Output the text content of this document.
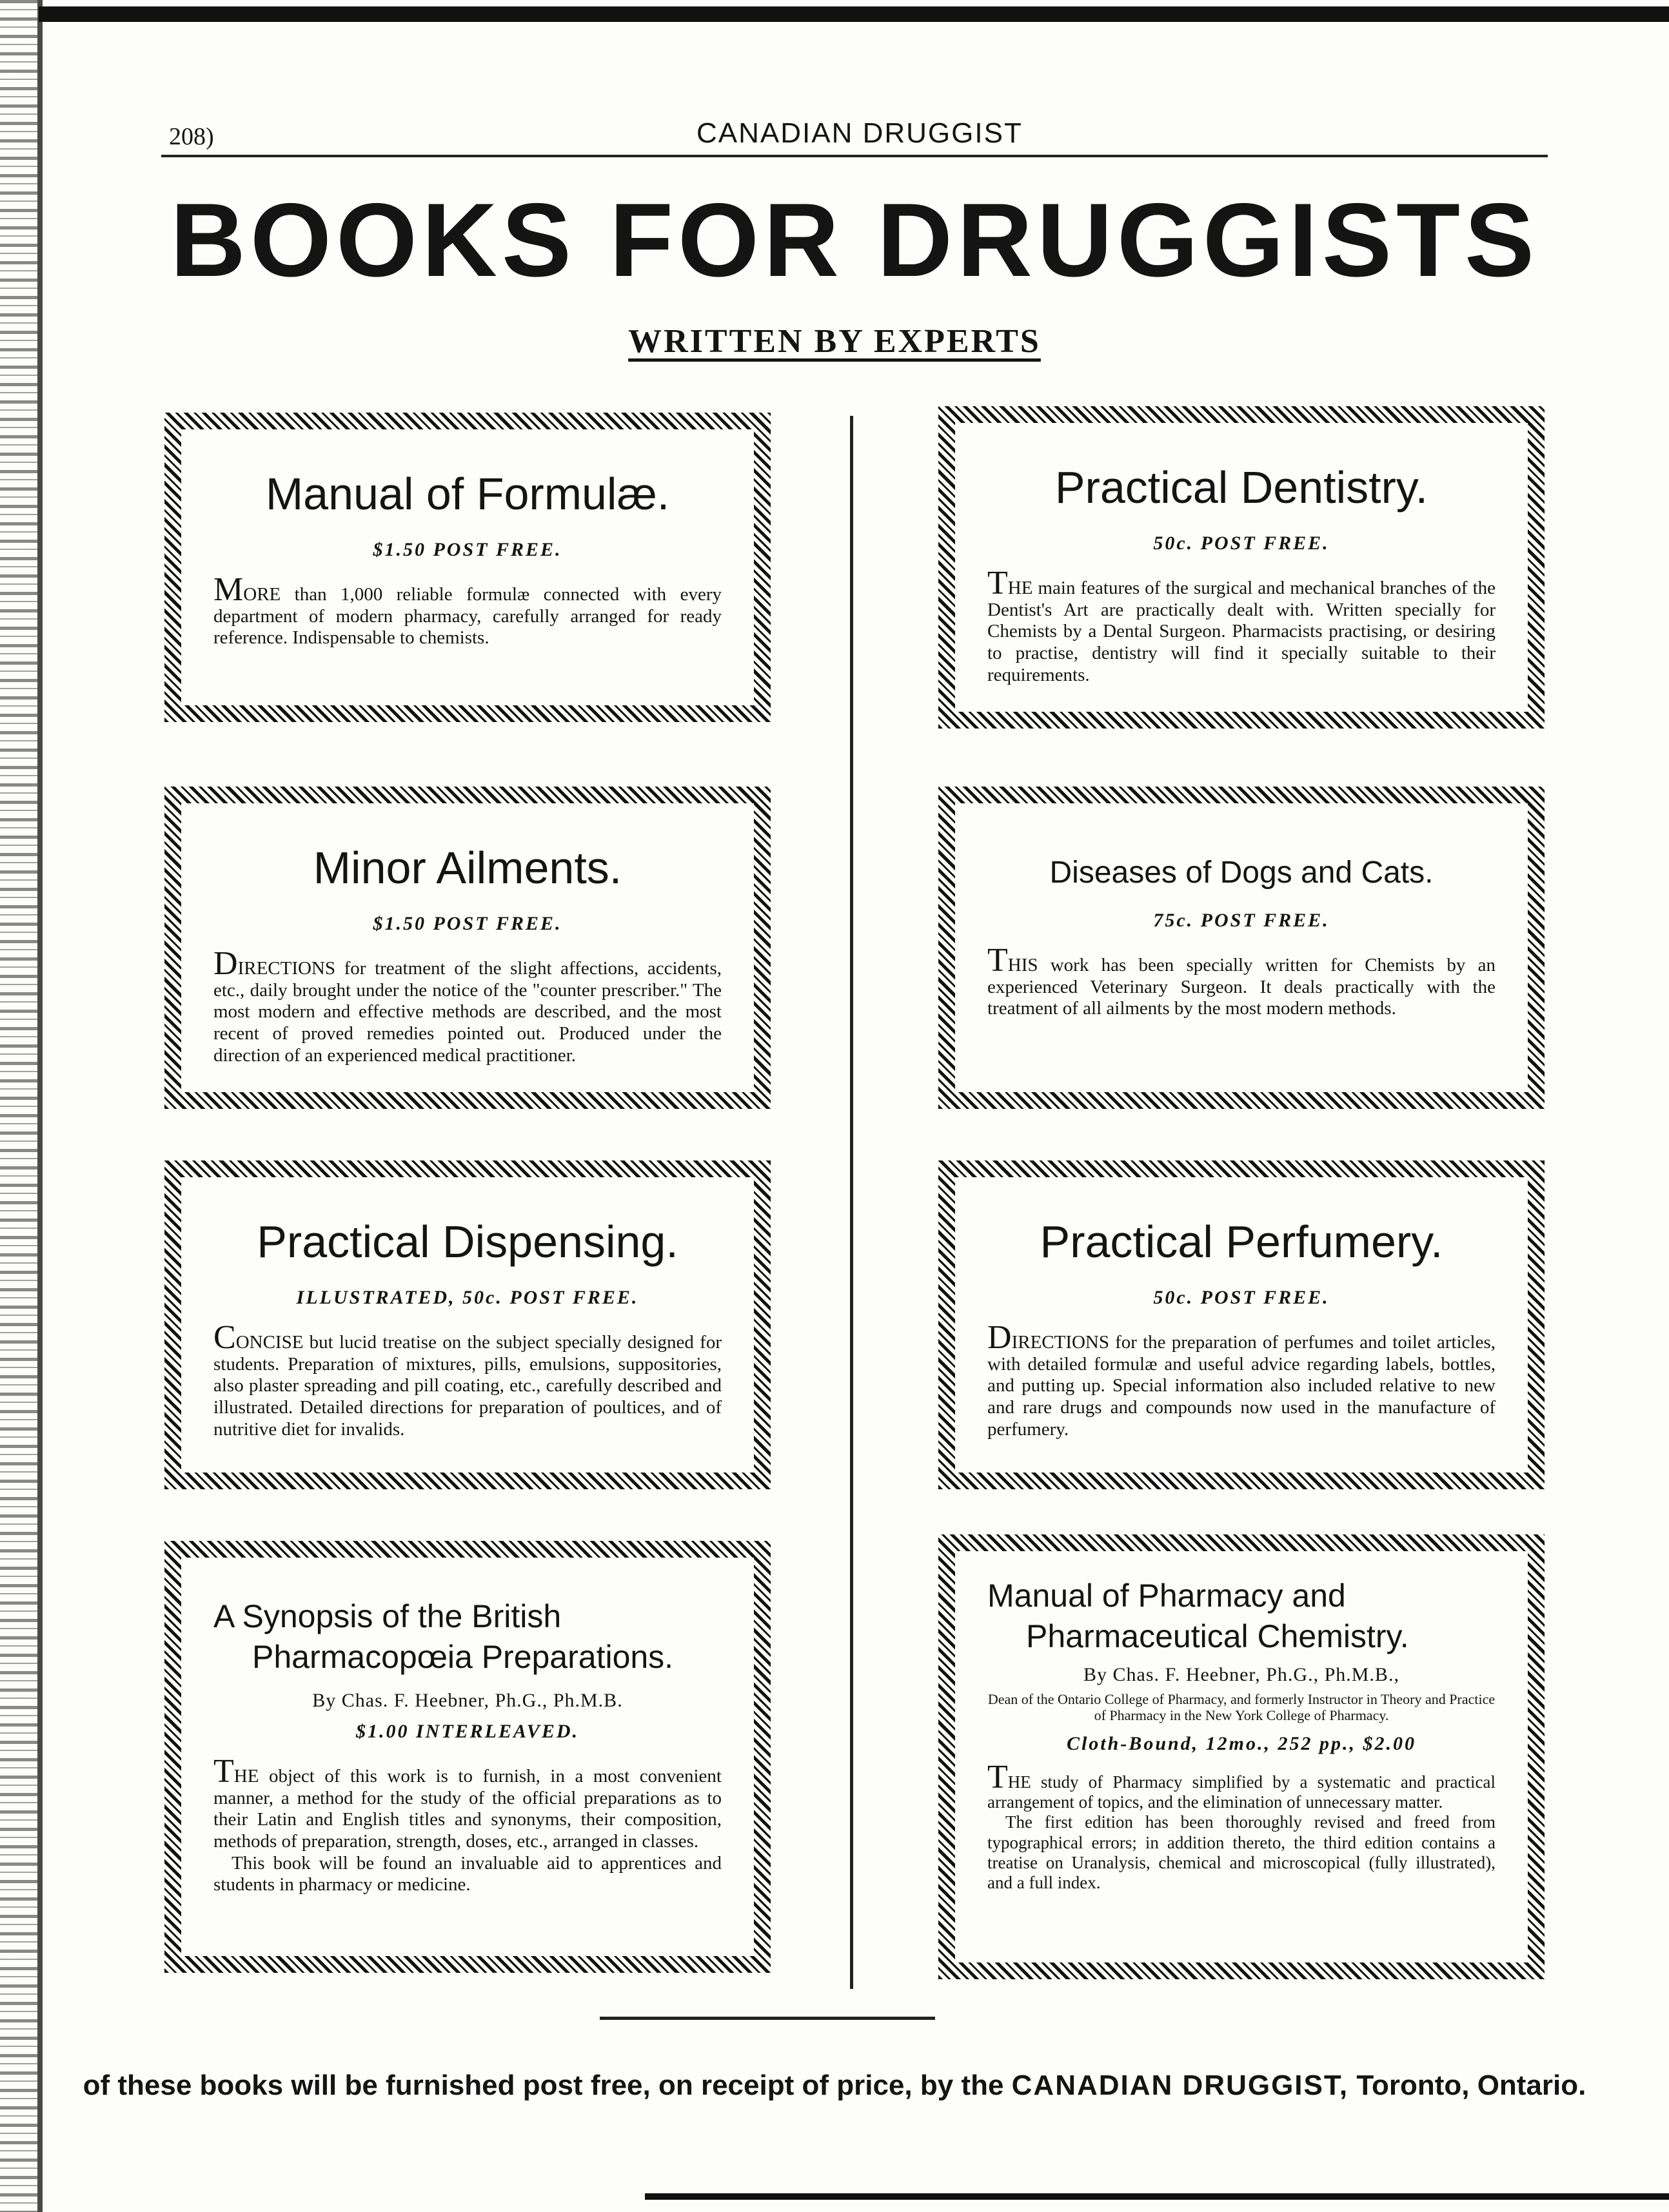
208)	CANADIAN DRUGGIST
BOOKS FOR DRUGGISTS
WRITTEN BY EXPERTS
Manual of Formulæ.
$1.50 POST FREE.

MORE than 1,000 reliable formulæ connected with every department of modern pharmacy, carefully arranged for ready reference. Indispensable to chemists.

Practical Dentistry.
50c. POST FREE.

THE main features of the surgical and mechanical branches of the Dentist's Art are practically dealt with. Written specially for Chemists by a Dental Surgeon. Pharmacists practising, or desiring to practise, dentistry will find it specially suitable to their requirements.

Minor Ailments.
$1.50 POST FREE.

DIRECTIONS for treatment of the slight affections, accidents, etc., daily brought under the notice of the "counter prescriber." The most modern and effective methods are described, and the most recent of proved remedies pointed out. Produced under the direction of an experienced medical practitioner.

Diseases of Dogs and Cats.
75c. POST FREE.

THIS work has been specially written for Chemists by an experienced Veterinary Surgeon. It deals practically with the treatment of all ailments by the most modern methods.

Practical Dispensing.
ILLUSTRATED, 50c. POST FREE.

CONCISE but lucid treatise on the subject specially designed for students. Preparation of mixtures, pills, emulsions, suppositories, also plaster spreading and pill coating, etc., carefully described and illustrated. Detailed directions for preparation of poultices, and of nutritive diet for invalids.

Practical Perfumery.
50c. POST FREE.

DIRECTIONS for the preparation of perfumes and toilet articles, with detailed formulæ and useful advice regarding labels, bottles, and putting up. Special information also included relative to new and rare drugs and compounds now used in the manufacture of perfumery.

A Synopsis of the British
Pharmacopœia Preparations.
By Chas. F. Heebner, Ph.G., Ph.M.B.
$1.00 INTERLEAVED.

THE object of this work is to furnish, in a most convenient manner, a method for the study of the official preparations as to their Latin and English titles and synonyms, their composition, methods of preparation, strength, doses, etc., arranged in classes.

This book will be found an invaluable aid to apprentices and students in pharmacy or medicine.

Manual of Pharmacy and
Pharmaceutical Chemistry.
By Chas. F. Heebner, Ph.G., Ph.M.B.,
Dean of the Ontario College of Pharmacy, and formerly Instructor in Theory and Practice of Pharmacy in the New York College of Pharmacy.
Cloth-Bound, 12mo., 252 pp., $2.00

THE study of Pharmacy simplified by a systematic and practical arrangement of topics, and the elimination of unnecessary matter.

The first edition has been thoroughly revised and freed from typographical errors; in addition thereto, the third edition contains a treatise on Uranalysis, chemical and microscopical (fully illustrated), and a full index.

of these books will be furnished post free, on receipt of price, by the CANADIAN DRUGGIST, Toronto, Ontario.
